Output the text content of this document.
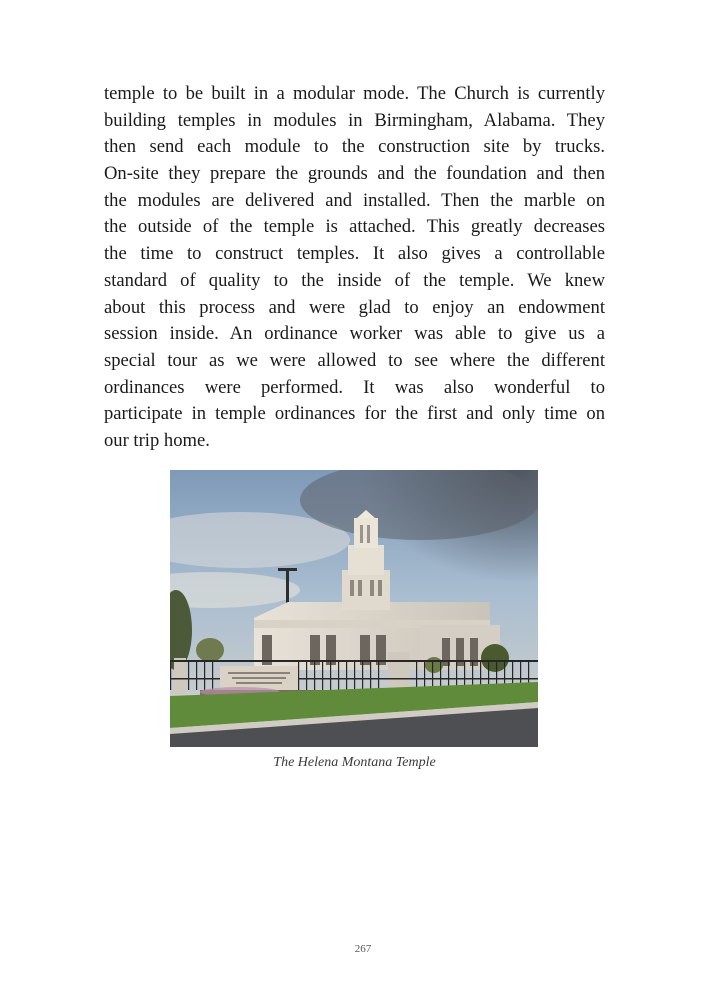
temple to be built in a modular mode. The Church is currently
building temples in modules in Birmingham, Alabama. They
then send each module to the construction site by trucks.
On-site they prepare the grounds and the foundation and then
the modules are delivered and installed. Then the marble on
the outside of the temple is attached. This greatly decreases
the time to construct temples. It also gives a controllable
standard of quality to the inside of the temple. We knew
about this process and were glad to enjoy an endowment
session inside. An ordinance worker was able to give us a
special tour as we were allowed to see where the different
ordinances were performed. It was also wonderful to
participate in temple ordinances for the first and only time on
our trip home.
The Helena Montana Temple
267
